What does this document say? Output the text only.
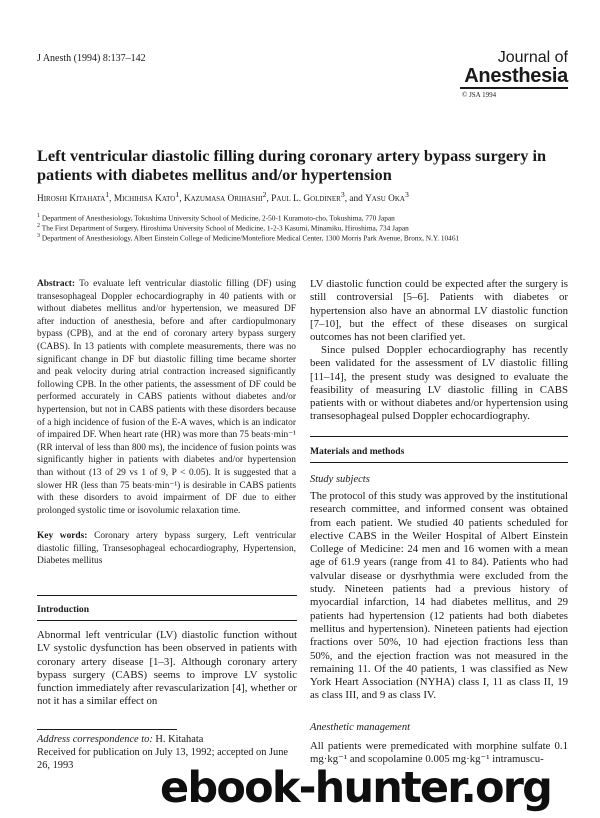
J Anesth (1994) 8:137–142	Journal of
Anesthesia
© JSA 1994
Left ventricular diastolic filling during coronary artery bypass surgery in patients with diabetes mellitus and/or hypertension
Hiroshi Kitahata$^1$, Michihisa Kato$^1$, Kazumasa Orihashi$^2$, Paul L. Goldiner$^3$, and Yasu Oka$^3$
$^1$ Department of Anesthesiology, Tokushima University School of Medicine, 2-50-1 Kuramoto-cho, Tokushima, 770 Japan
$^2$ The First Department of Surgery, Hiroshima University School of Medicine, 1-2-3 Kasumi, Minamiku, Hiroshima, 734 Japan
$^3$ Department of Anesthesiology, Albert Einstein College of Medicine/Montefiore Medical Center, 1300 Morris Park Avenue, Bronx, N.Y. 10461
Abstract: To evaluate left ventricular diastolic filling (DF) using transesophageal Doppler echocardiography in 40 patients with or without diabetes mellitus and/or hypertension, we measured DF after induction of anesthesia, before and after cardiopulmonary bypass (CPB), and at the end of coronary artery bypass surgery (CABS). In 13 patients with complete measurements, there was no significant change in DF but diastolic filling time became shorter and peak velocity during atrial contraction increased significantly following CPB. In the other patients, the assessment of DF could be performed accurately in CABS patients without diabetes and/or hypertension, but not in CABS patients with these disorders because of a high incidence of fusion of the E-A waves, which is an indicator of impaired DF. When heart rate (HR) was more than 75 beats·min⁻¹ (RR interval of less than 800 ms), the incidence of fusion points was significantly higher in patients with diabetes and/or hypertension than without (13 of 29 vs 1 of 9, P < 0.05). It is suggested that a slower HR (less than 75 beats·min⁻¹) is desirable in CABS patients with these disorders to avoid impairment of DF due to either prolonged systolic time or isovolumic relaxation time.
Key words: Coronary artery bypass surgery, Left ventricular diastolic filling, Transesophageal echocardiography, Hypertension, Diabetes mellitus
Introduction
Abnormal left ventricular (LV) diastolic function without LV systolic dysfunction has been observed in patients with coronary artery disease [1–3]. Although coronary artery bypass surgery (CABS) seems to improve LV systolic function immediately after revascularization [4], whether or not it has a similar effect on
LV diastolic function could be expected after the surgery is still controversial [5–6]. Patients with diabetes or hypertension also have an abnormal LV diastolic function [7–10], but the effect of these diseases on surgical outcomes has not been clarified yet.
Since pulsed Doppler echocardiography has recently been validated for the assessment of LV diastolic filling [11–14], the present study was designed to evaluate the feasibility of measuring LV diastolic filling in CABS patients with or without diabetes and/or hypertension using transesophageal pulsed Doppler echocardiography.
Materials and methods
Study subjects
The protocol of this study was approved by the institutional research committee, and informed consent was obtained from each patient. We studied 40 patients scheduled for elective CABS in the Weiler Hospital of Albert Einstein College of Medicine: 24 men and 16 women with a mean age of 61.9 years (range from 41 to 84). Patients who had valvular disease or dysrhythmia were excluded from the study. Nineteen patients had a previous history of myocardial infarction, 14 had diabetes mellitus, and 29 patients had hypertension (12 patients had both diabetes mellitus and hypertension). Nineteen patients had ejection fractions over 50%, 10 had ejection fractions less than 50%, and the ejection fraction was not measured in the remaining 11. Of the 40 patients, 1 was classified as New York Heart Association (NYHA) class I, 11 as class II, 19 as class III, and 9 as class IV.
Anesthetic management
All patients were premedicated with morphine sulfate 0.1 mg·kg⁻¹ and scopolamine 0.005 mg·kg⁻¹ intramuscu-
Address correspondence to: H. Kitahata
Received for publication on July 13, 1992; accepted on June 26, 1993	ebook-hunter.org
